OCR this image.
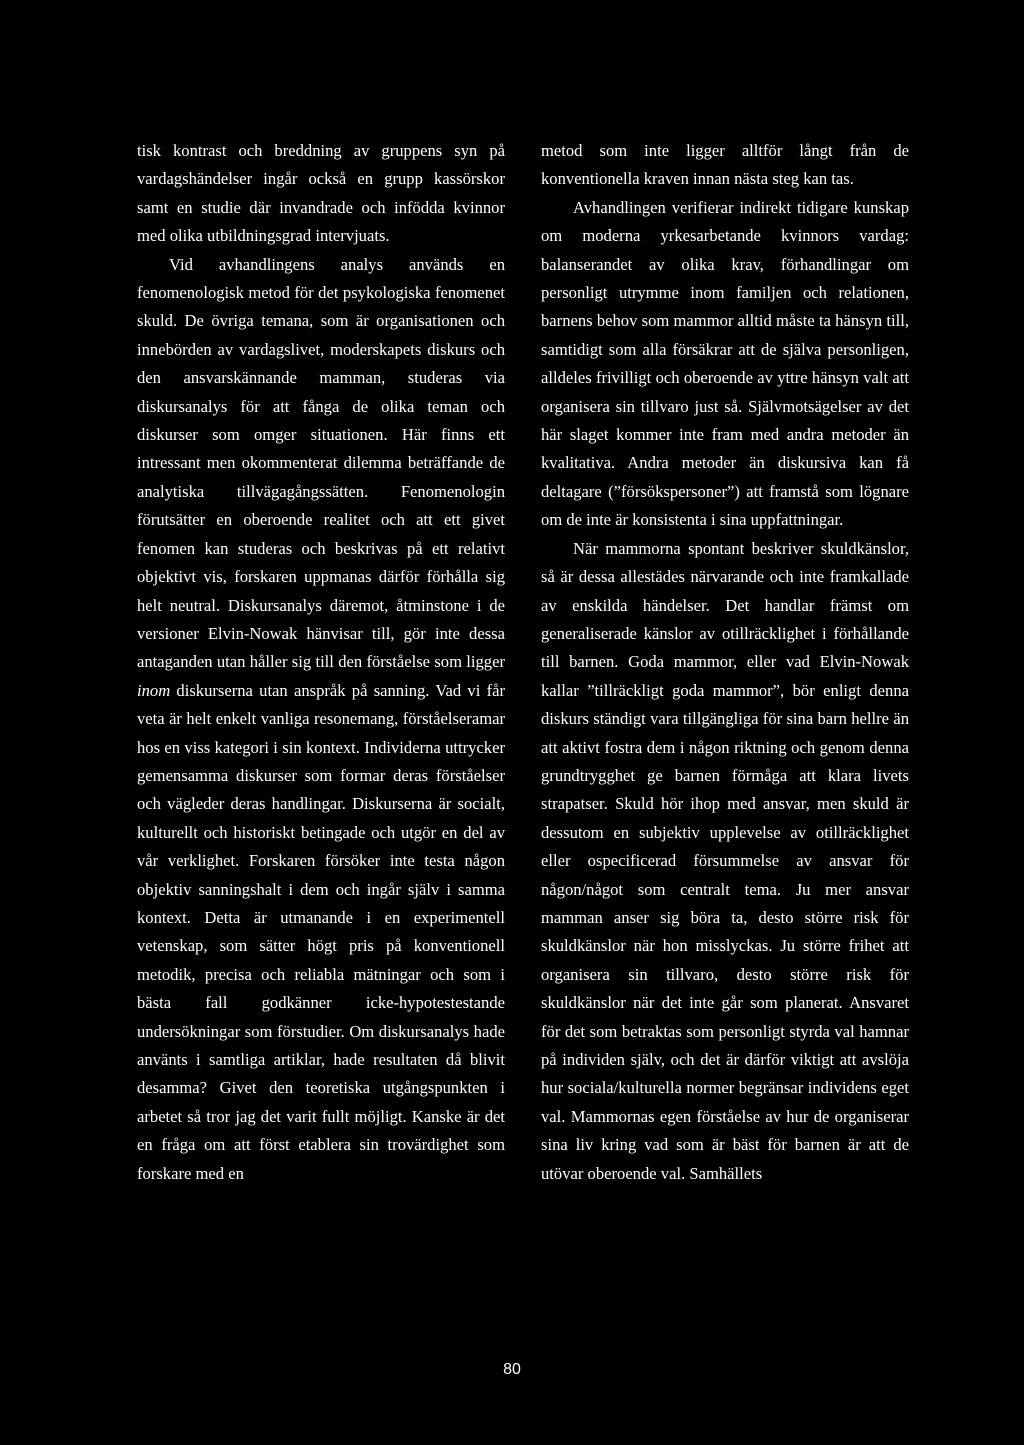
tisk kontrast och breddning av gruppens syn på vardagshändelser ingår också en grupp kassörskor samt en studie där invandrade och infödda kvinnor med olika utbildningsgrad intervjuats.

Vid avhandlingens analys används en fenomenologisk metod för det psykologiska fenomenet skuld. De övriga temana, som är organisationen och innebörden av vardagslivet, moderskapets diskurs och den ansvarskännande mamman, studeras via diskursanalys för att fånga de olika teman och diskurser som omger situationen. Här finns ett intressant men okommenterat dilemma beträffande de analytiska tillvägagångssätten. Fenomenologin förutsätter en oberoende realitet och att ett givet fenomen kan studeras och beskrivas på ett relativt objektivt vis, forskaren uppmanas därför förhålla sig helt neutral. Diskursanalys däremot, åtminstone i de versioner Elvin-Nowak hänvisar till, gör inte dessa antaganden utan håller sig till den förståelse som ligger inom diskurserna utan anspråk på sanning. Vad vi får veta är helt enkelt vanliga resonemang, förståelseramar hos en viss kategori i sin kontext. Individerna uttrycker gemensamma diskurser som formar deras förståelser och vägleder deras handlingar. Diskurserna är socialt, kulturellt och historiskt betingade och utgör en del av vår verklighet. Forskaren försöker inte testa någon objektiv sanningshalt i dem och ingår själv i samma kontext. Detta är utmanande i en experimentell vetenskap, som sätter högt pris på konventionell metodik, precisa och reliabla mätningar och som i bästa fall godkänner icke-hypotestestande undersökningar som förstudier. Om diskursanalys hade använts i samtliga artiklar, hade resultaten då blivit desamma? Givet den teoretiska utgångspunkten i arbetet så tror jag det varit fullt möjligt. Kanske är det en fråga om att först etablera sin trovärdighet som forskare med en

metod som inte ligger alltför långt från de konventionella kraven innan nästa steg kan tas.

Avhandlingen verifierar indirekt tidigare kunskap om moderna yrkesarbetande kvinnors vardag: balanserandet av olika krav, förhandlingar om personligt utrymme inom familjen och relationen, barnens behov som mammor alltid måste ta hänsyn till, samtidigt som alla försäkrar att de själva personligen, alldeles frivilligt och oberoende av yttre hänsyn valt att organisera sin tillvaro just så. Självmotsägelser av det här slaget kommer inte fram med andra metoder än kvalitativa. Andra metoder än diskursiva kan få deltagare (”försökspersoner”) att framstå som lögnare om de inte är konsistenta i sina uppfattningar.

När mammorna spontant beskriver skuldkänslor, så är dessa allestädes närvarande och inte framkallade av enskilda händelser. Det handlar främst om generaliserade känslor av otillräcklighet i förhållande till barnen. Goda mammor, eller vad Elvin-Nowak kallar ”tillräckligt goda mammor”, bör enligt denna diskurs ständigt vara tillgängliga för sina barn hellre än att aktivt fostra dem i någon riktning och genom denna grundtrygghet ge barnen förmåga att klara livets strapatser. Skuld hör ihop med ansvar, men skuld är dessutom en subjektiv upplevelse av otillräcklighet eller ospecificerad försummelse av ansvar för någon/något som centralt tema. Ju mer ansvar mamman anser sig böra ta, desto större risk för skuldkänslor när hon misslyckas. Ju större frihet att organisera sin tillvaro, desto större risk för skuldkänslor när det inte går som planerat. Ansvaret för det som betraktas som personligt styrda val hamnar på individen själv, och det är därför viktigt att avslöja hur sociala/kulturella normer begränsar individens eget val. Mammornas egen förståelse av hur de organiserar sina liv kring vad som är bäst för barnen är att de utövar oberoende val. Samhällets

80
